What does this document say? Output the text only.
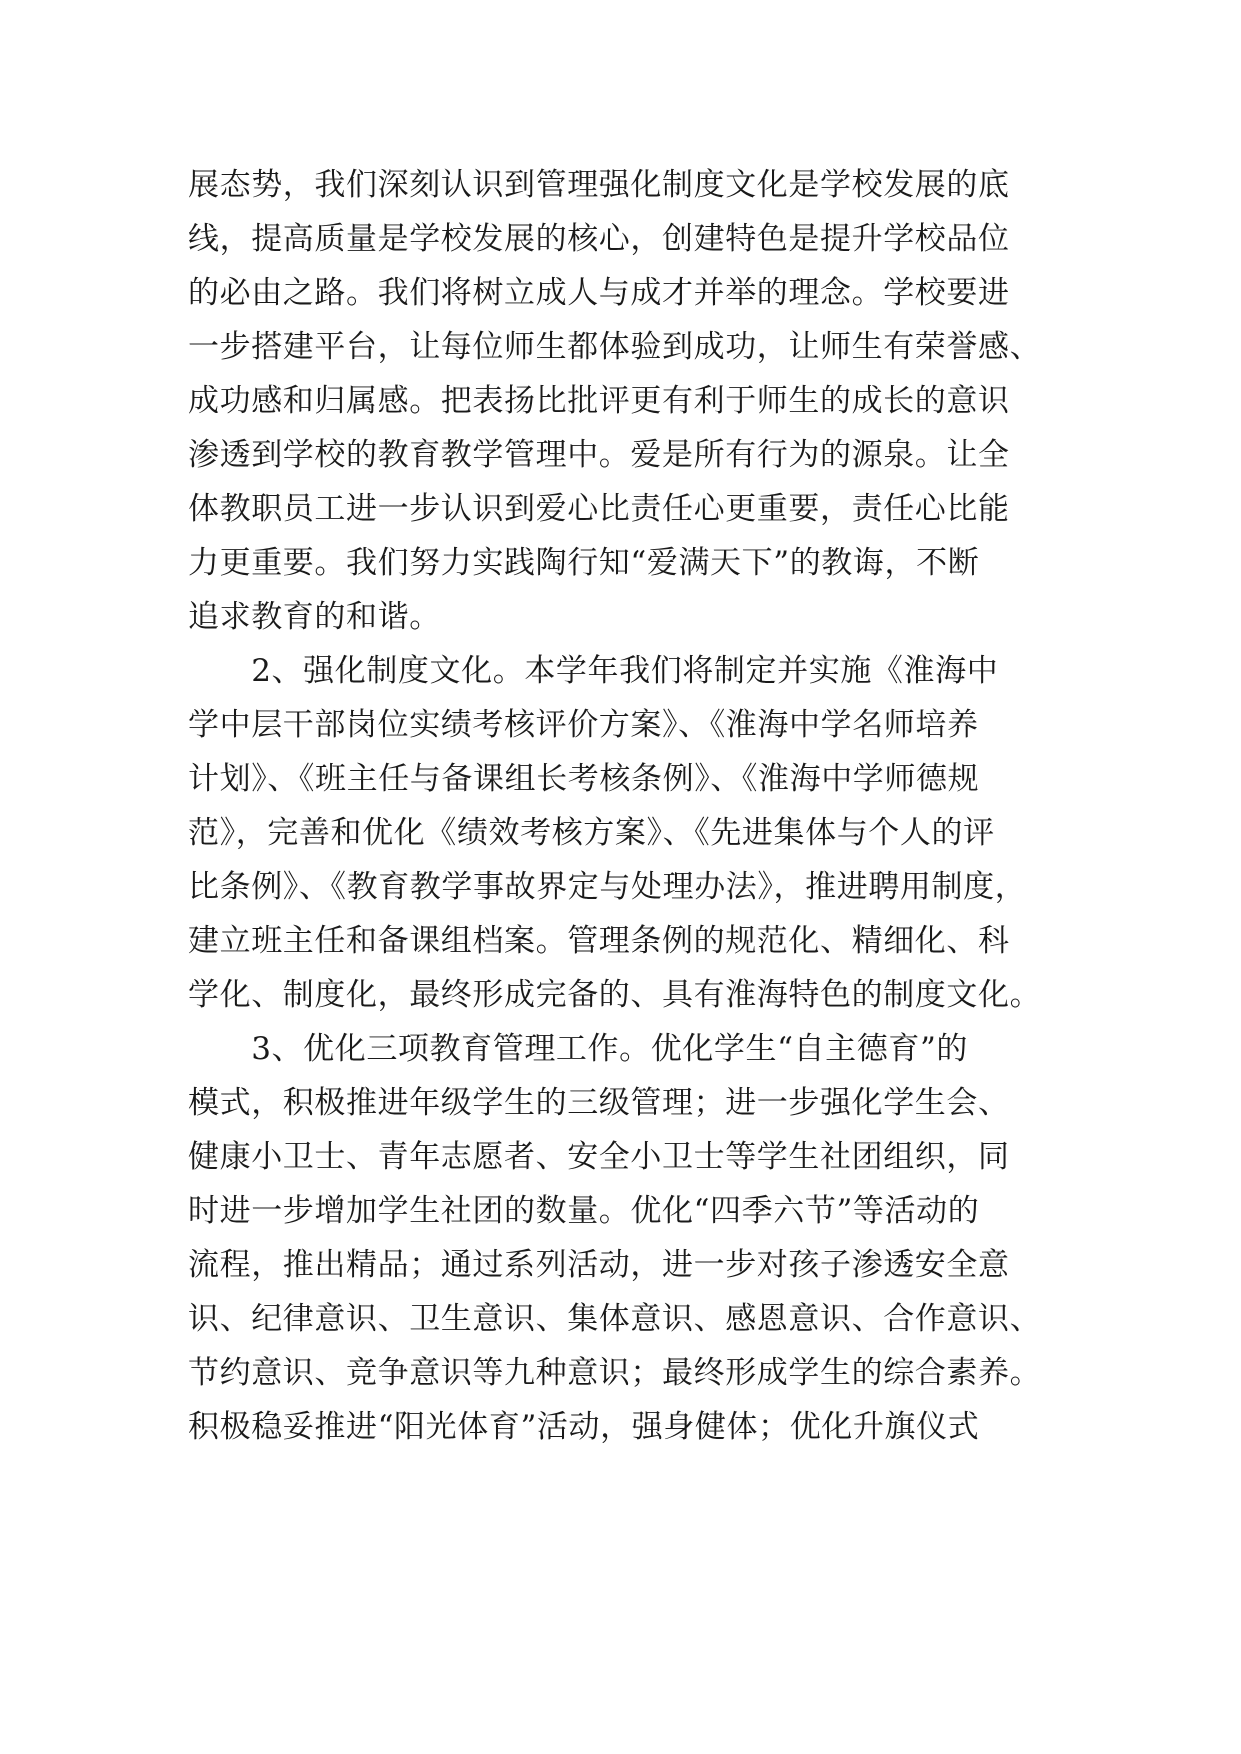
展态势，我们深刻认识到管理强化制度文化是学校发展的底
线，提高质量是学校发展的核心，创建特色是提升学校品位
的必由之路。我们将树立成人与成才并举的理念。学校要进
一步搭建平台，让每位师生都体验到成功，让师生有荣誉感、
成功感和归属感。把表扬比批评更有利于师生的成长的意识
渗透到学校的教育教学管理中。爱是所有行为的源泉。让全
体教职员工进一步认识到爱心比责任心更重要，责任心比能
力更重要。我们努力实践陶行知“爱满天下”的教诲，不断
追求教育的和谐。
　　2、强化制度文化。本学年我们将制定并实施《淮海中
学中层干部岗位实绩考核评价方案》、《淮海中学名师培养
计划》、《班主任与备课组长考核条例》、《淮海中学师德规
范》，完善和优化《绩效考核方案》、《先进集体与个人的评
比条例》、《教育教学事故界定与处理办法》，推进聘用制度，
建立班主任和备课组档案。管理条例的规范化、精细化、科
学化、制度化，最终形成完备的、具有淮海特色的制度文化。
　　3、优化三项教育管理工作。优化学生“自主德育”的
模式，积极推进年级学生的三级管理；进一步强化学生会、
健康小卫士、青年志愿者、安全小卫士等学生社团组织，同
时进一步增加学生社团的数量。优化“四季六节”等活动的
流程，推出精品；通过系列活动，进一步对孩子渗透安全意
识、纪律意识、卫生意识、集体意识、感恩意识、合作意识、
节约意识、竞争意识等九种意识；最终形成学生的综合素养。
积极稳妥推进“阳光体育”活动，强身健体；优化升旗仪式
